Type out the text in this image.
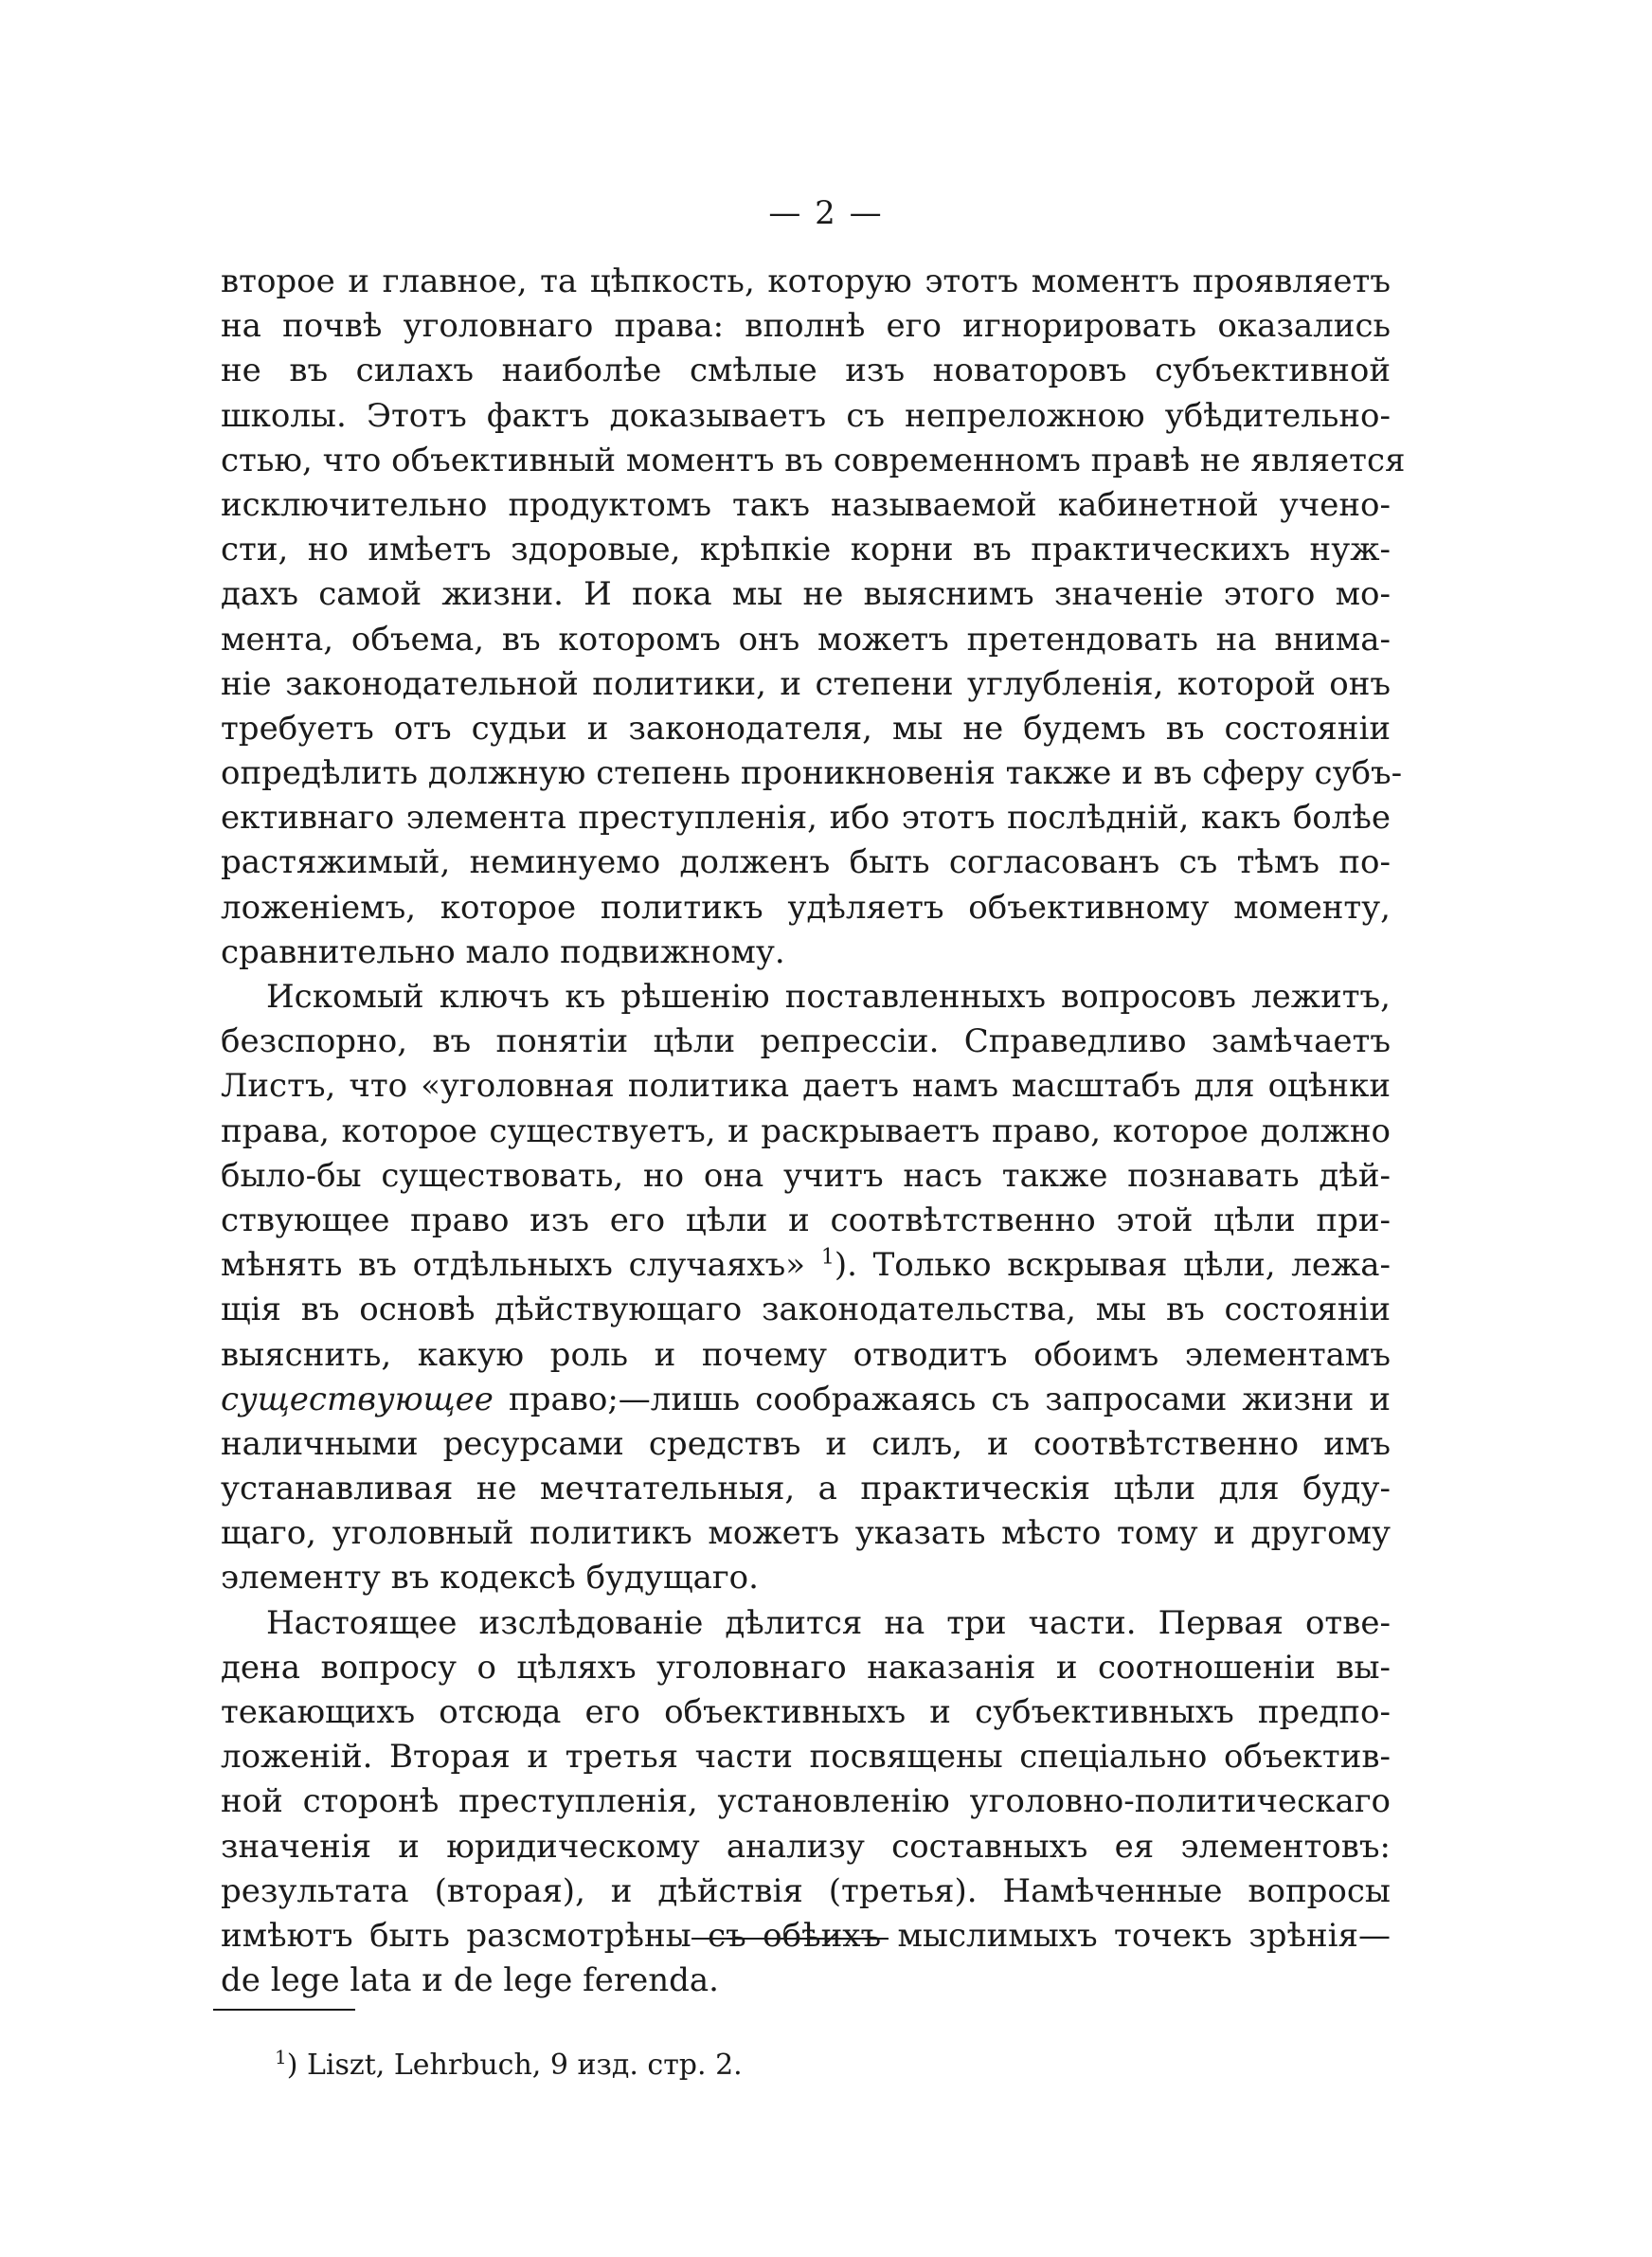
— 2 —
второе и главное, та цѣпкость, которую этотъ моментъ проявляетъ
на почвѣ уголовнаго права: вполнѣ его игнорировать оказались
не въ силахъ наиболѣе смѣлые изъ новаторовъ субъективной
школы. Этотъ фактъ доказываетъ съ непреложною убѣдительно-
стью, что объективный моментъ въ современномъ правѣ не является
исключительно продуктомъ такъ называемой кабинетной учено-
сти, но имѣетъ здоровые, крѣпкіе корни въ практическихъ нуж-
дахъ самой жизни. И пока мы не выяснимъ значеніе этого мо-
мента, объема, въ которомъ онъ можетъ претендовать на внима-
ніе законодательной политики, и степени углубленія, которой онъ
требуетъ отъ судьи и законодателя, мы не будемъ въ состояніи
опредѣлить должную степень проникновенія также и въ сферу субъ-
ективнаго элемента преступленія, ибо этотъ послѣдній, какъ болѣе
растяжимый, неминуемо долженъ быть согласованъ съ тѣмъ по-
ложеніемъ, которое политикъ удѣляетъ объективному моменту,
сравнительно мало подвижному.
Искомый ключъ къ рѣшенію поставленныхъ вопросовъ лежитъ,
безспорно, въ понятіи цѣли репрессіи. Справедливо замѣчаетъ
Листъ, что «уголовная политика даетъ намъ масштабъ для оцѣнки
права, которое существуетъ, и раскрываетъ право, которое должно
было-бы существовать, но она учитъ насъ также познавать дѣй-
ствующее право изъ его цѣли и соотвѣтственно этой цѣли при-
мѣнять въ отдѣльныхъ случаяхъ» $^1$). Только вскрывая цѣли, лежа-
щія въ основѣ дѣйствующаго законодательства, мы въ состояніи
выяснить, какую роль и почему отводитъ обоимъ элементамъ
существующее право;—лишь соображаясь съ запросами жизни и
наличными ресурсами средствъ и силъ, и соотвѣтственно имъ
устанавливая не мечтательныя, а практическія цѣли для буду-
щаго, уголовный политикъ можетъ указать мѣсто тому и другому
элементу въ кодексѣ будущаго.
Настоящее изслѣдованіе дѣлится на три части. Первая отве-
дена вопросу о цѣляхъ уголовнаго наказанія и соотношеніи вы-
текающихъ отсюда его объективныхъ и субъективныхъ предпо-
ложеній. Вторая и третья части посвящены спеціально объектив-
ной сторонѣ преступленія, установленію уголовно-политическаго
значенія и юридическому анализу составныхъ ея элементовъ:
результата (вторая), и дѣйствія (третья). Намѣченные вопросы
имѣютъ быть разсмотрѣны съ обѣихъ мыслимыхъ точекъ зрѣнія—
de lege lata и de lege ferenda.
$^1$) Liszt, Lehrbuch, 9 изд. стр. 2.
